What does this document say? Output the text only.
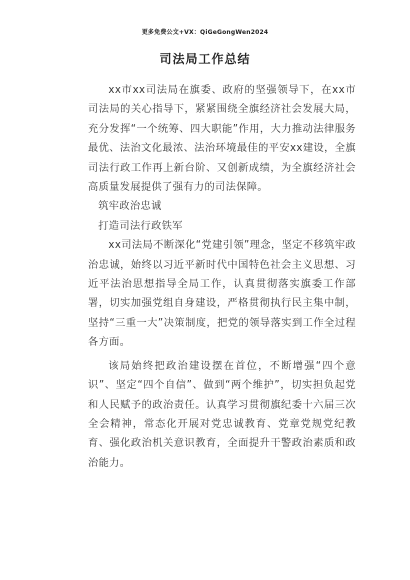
更多免费公文+VX：QiGeGongWen2024
司法局工作总结

xx市xx司法局在旗委、政府的坚强领导下，在xx市司法局的关心指导下，紧紧围绕全旗经济社会发展大局，充分发挥“一个统筹、四大职能”作用，大力推动法律服务最优、法治文化最浓、法治环境最佳的平安xx建设，全旗司法行政工作再上新台阶、又创新成绩，为全旗经济社会高质量发展提供了强有力的司法保障。

筑牢政治忠诚

打造司法行政铁军

xx司法局不断深化“党建引领”理念，坚定不移筑牢政治忠诚，始终以习近平新时代中国特色社会主义思想、习近平法治思想指导全局工作，认真贯彻落实旗委工作部署，切实加强党组自身建设，严格贯彻执行民主集中制，坚持“三重一大”决策制度，把党的领导落实到工作全过程各方面。

该局始终把政治建设摆在首位，不断增强“四个意识”、坚定“四个自信”、做到“两个维护”，切实担负起党和人民赋予的政治责任。认真学习贯彻旗纪委十六届三次全会精神，常态化开展对党忠诚教育、党章党规党纪教育、强化政治机关意识教育，全面提升干警政治素质和政治能力。
